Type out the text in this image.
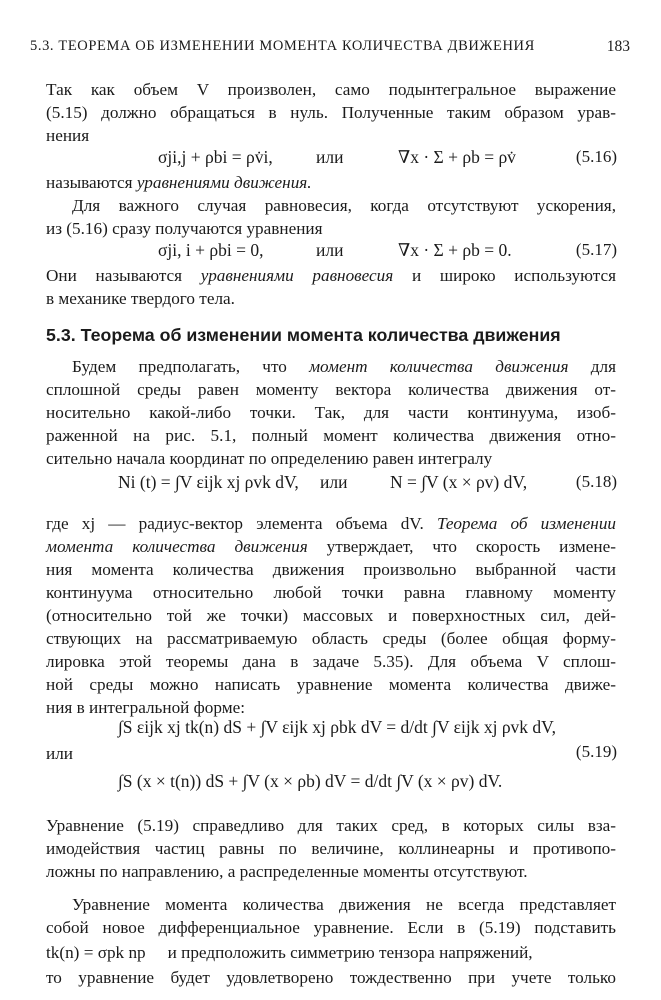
5.3. ТЕОРЕМА ОБ ИЗМЕНЕНИИ МОМЕНТА КОЛИЧЕСТВА ДВИЖЕНИЯ	183
Так как объем V произволен, само подынтегральное выражение
(5.15) должно обращаться в нуль. Полученные таким образом урав-
нения
σji,j + ρbi = ρv̇i, или	∇x · Σ + ρb = ρv̇	(5.16)
называются уравнениями движения.
Для важного случая равновесия, когда отсутствуют ускорения,
из (5.16) сразу получаются уравнения
σji, i + ρbi = 0,	или	∇x · Σ + ρb = 0.	(5.17)
Они называются уравнениями равновесия и широко используются
в механике твердого тела.
5.3. Теорема об изменении момента количества движения
Будем предполагать, что момент количества движения для
сплошной среды равен моменту вектора количества движения от-
носительно какой-либо точки. Так, для части континуума, изоб-
раженной на рис. 5.1, полный момент количества движения отно-
сительно начала координат по определению равен интегралу
Ni (t) = ∫V εijk xj ρvk dV, или N = ∫V (x × ρv) dV,	(5.18)
где xj — радиус-вектор элемента объема dV. Теорема об изменении
момента количества движения утверждает, что скорость измене-
ния момента количества движения произвольно выбранной части
континуума относительно любой точки равна главному моменту
(относительно той же точки) массовых и поверхностных сил, дей-
ствующих на рассматриваемую область среды (более общая форму-
лировка этой теоремы дана в задаче 5.35). Для объема V сплош-
ной среды можно написать уравнение момента количества движе-
ния в интегральной форме:
∫S εijk xj tk(n) dS + ∫V εijk xj ρbk dV = d/dt ∫V εijk xj ρvk dV,
или	(5.19)
∫S (x × t(n)) dS + ∫V (x × ρb) dV = d/dt ∫V (x × ρv) dV.
Уравнение (5.19) справедливо для таких сред, в которых силы вза-
имодействия частиц равны по величине, коллинеарны и противопо-
ложны по направлению, а распределенные моменты отсутствуют.
Уравнение момента количества движения не всегда представляет
собой новое дифференциальное уравнение. Если в (5.19) подставить
tk(n) = σpk np и предположить симметрию тензора напряжений,
то уравнение будет удовлетворено тождественно при учете только
